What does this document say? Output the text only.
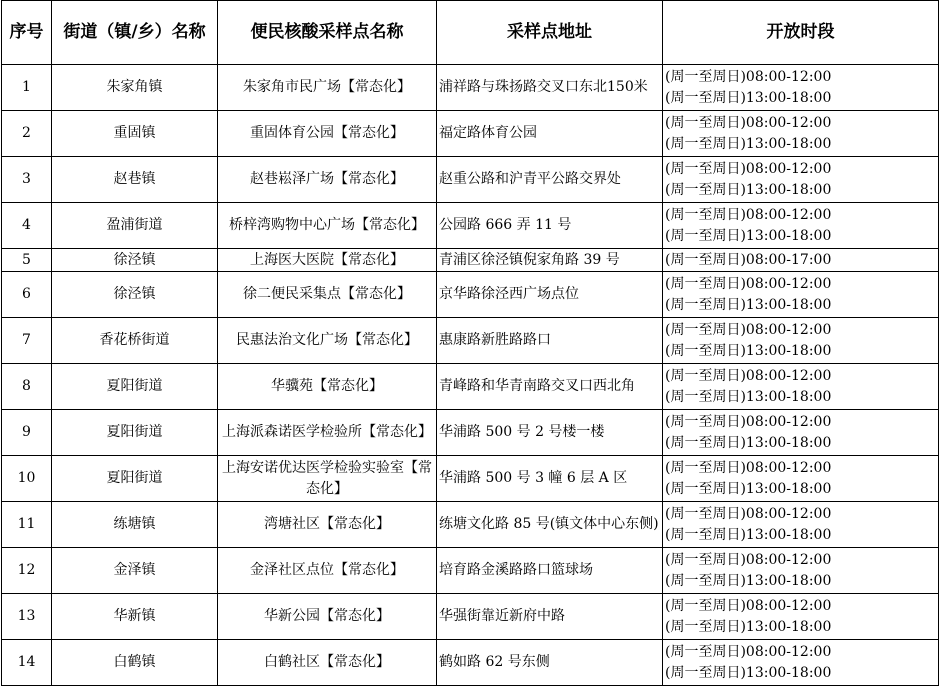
序号	街道（镇/乡）名称	便民核酸采样点名称	采样点地址	开放时段
1	朱家角镇	朱家角市民广场【常态化】	浦祥路与珠扬路交叉口东北150米	(周一至周日)08:00-12:00
(周一至周日)13:00-18:00

2	重固镇	重固体育公园【常态化】	福定路体育公园	(周一至周日)08:00-12:00
(周一至周日)13:00-18:00

3	赵巷镇	赵巷崧泽广场【常态化】	赵重公路和沪青平公路交界处	(周一至周日)08:00-12:00
(周一至周日)13:00-18:00

4	盈浦街道	桥梓湾购物中心广场【常态化】	公园路 666 弄 11 号	(周一至周日)08:00-12:00
(周一至周日)13:00-18:00

5	徐泾镇	上海医大医院【常态化】	青浦区徐泾镇倪家角路 39 号	(周一至周日)08:00-17:00

6	徐泾镇	徐二便民采集点【常态化】	京华路徐泾西广场点位	(周一至周日)08:00-12:00
(周一至周日)13:00-18:00

7	香花桥街道	民惠法治文化广场【常态化】	惠康路新胜路路口	(周一至周日)08:00-12:00
(周一至周日)13:00-18:00

8	夏阳街道	华骥苑【常态化】	青峰路和华青南路交叉口西北角	(周一至周日)08:00-12:00
(周一至周日)13:00-18:00

9	夏阳街道	上海派森诺医学检验所【常态化】	华浦路 500 号 2 号楼一楼	(周一至周日)08:00-12:00
(周一至周日)13:00-18:00

10	夏阳街道	上海安诺优达医学检验实验室【常态化】	华浦路 500 号 3 幢 6 层 A 区	(周一至周日)08:00-12:00
(周一至周日)13:00-18:00

11	练塘镇	湾塘社区【常态化】	练塘文化路 85 号(镇文体中心东侧)	(周一至周日)08:00-12:00
(周一至周日)13:00-18:00

12	金泽镇	金泽社区点位【常态化】	培育路金溪路路口篮球场	(周一至周日)08:00-12:00
(周一至周日)13:00-18:00

13	华新镇	华新公园【常态化】	华强街靠近新府中路	(周一至周日)08:00-12:00
(周一至周日)13:00-18:00

14	白鹤镇	白鹤社区【常态化】	鹤如路 62 号东侧	(周一至周日)08:00-12:00
(周一至周日)13:00-18:00
